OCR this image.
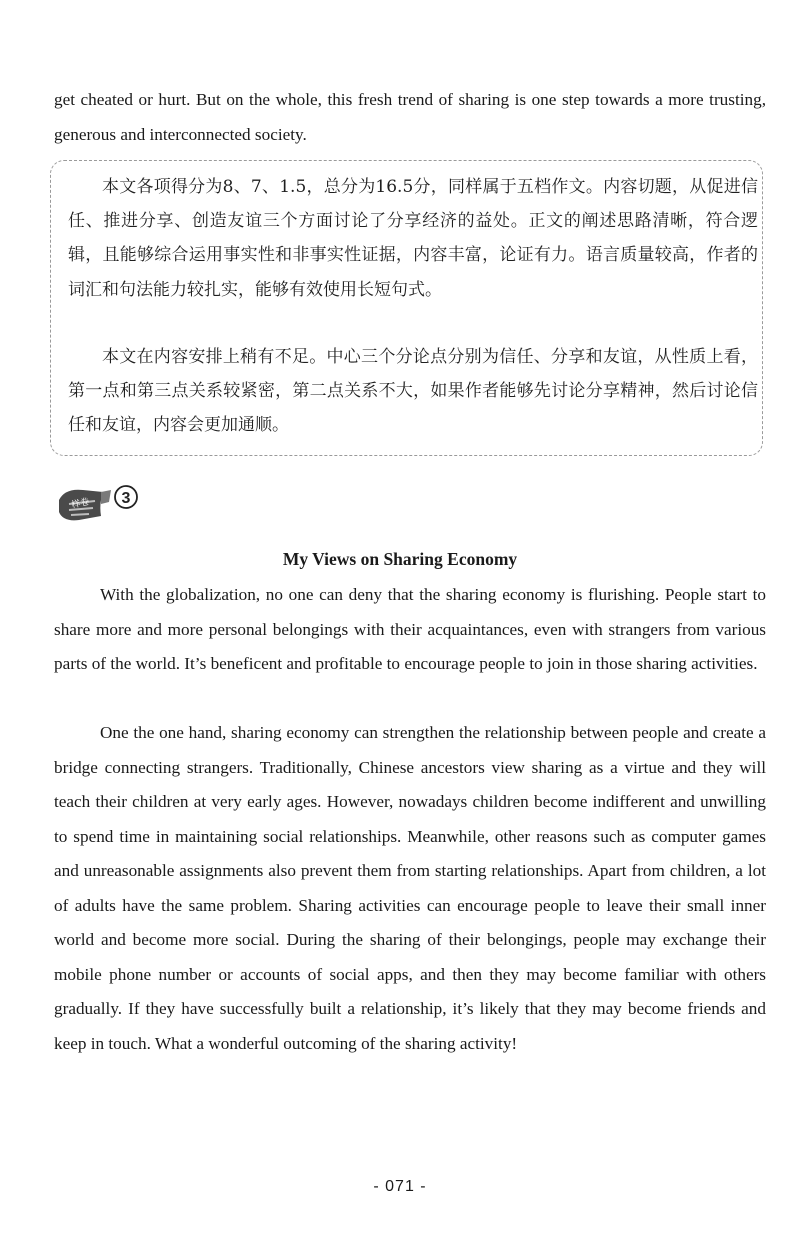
get cheated or hurt. But on the whole, this fresh trend of sharing is one step towards a more trusting, generous and interconnected society.

本文各项得分为8、7、1.5，总分为16.5分，同样属于五档作文。内容切题，从促进信任、推进分享、创造友谊三个方面讨论了分享经济的益处。正文的阐述思路清晰，符合逻辑，且能够综合运用事实性和非事实性证据，内容丰富，论证有力。语言质量较高，作者的词汇和句法能力较扎实，能够有效使用长短句式。

本文在内容安排上稍有不足。中心三个分论点分别为信任、分享和友谊，从性质上看，第一点和第三点关系较紧密，第二点关系不大，如果作者能够先讨论分享精神，然后讨论信任和友谊，内容会更加通顺。

3
样卷
My Views on Sharing Economy

With the globalization, no one can deny that the sharing economy is flurishing. People start to share more and more personal belongings with their acquaintances, even with strangers from various parts of the world. It’s beneficent and profitable to encourage people to join in those sharing activities.

One the one hand, sharing economy can strengthen the relationship between people and create a bridge connecting strangers. Traditionally, Chinese ancestors view sharing as a virtue and they will teach their children at very early ages. However, nowadays children become indifferent and unwilling to spend time in maintaining social relationships. Meanwhile, other reasons such as computer games and unreasonable assignments also prevent them from starting relationships. Apart from children, a lot of adults have the same problem. Sharing activities can encourage people to leave their small inner world and become more social. During the sharing of their belongings, people may exchange their mobile phone number or accounts of social apps, and then they may become familiar with others gradually. If they have successfully built a relationship, it’s likely that they may become friends and keep in touch. What a wonderful outcoming of the sharing activity!

- 071 -
